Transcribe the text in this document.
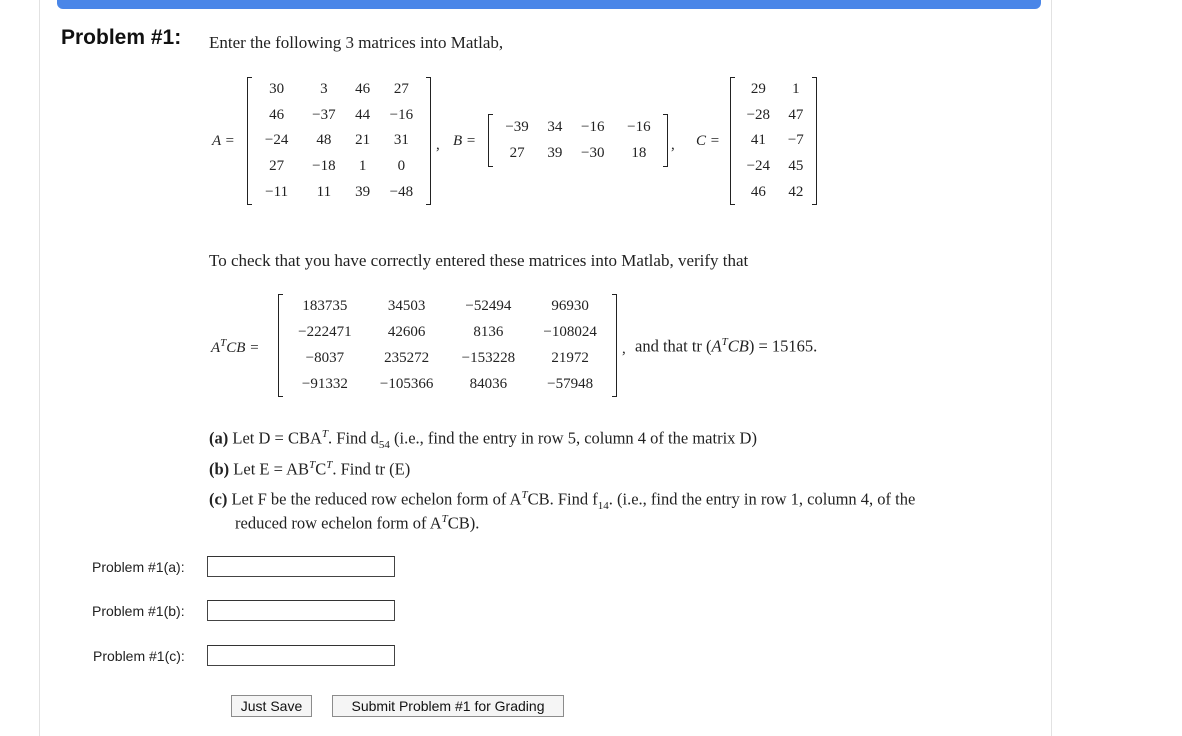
Problem #1: Enter the following 3 matrices into Matlab,
A =
30	3	46	27
46	−37	44	−16
−24	48	21	31
27	−18	1	0
−11	11	39	−48
, B =
−39	34	−16	−16
27	39	−30	18
, C =
29	1
−28	47
41	−7
−24	45
46	42
To check that you have correctly entered these matrices into Matlab, verify that
$A^TCB$ =
183735	34503	−52494	96930
−222471	42606	8136	−108024
−8037	235272	−153228	21972
−91332	−105366	84036	−57948
, and that tr $(A^TCB) = 15165$.
(a) Let $D = CBA^T$. Find $d_{54}$ (i.e., find the entry in row 5, column 4 of the matrix D)
(b) Let $E = AB^TC^T$. Find tr (E)
(c) Let F be the reduced row echelon form of $A^TCB$. Find $f_{14}$. (i.e., find the entry in row 1, column 4, of the
reduced row echelon form of $A^TCB$).
Problem #1(a):
Problem #1(b):
Problem #1(c):
Just Save	Submit Problem #1 for Grading
